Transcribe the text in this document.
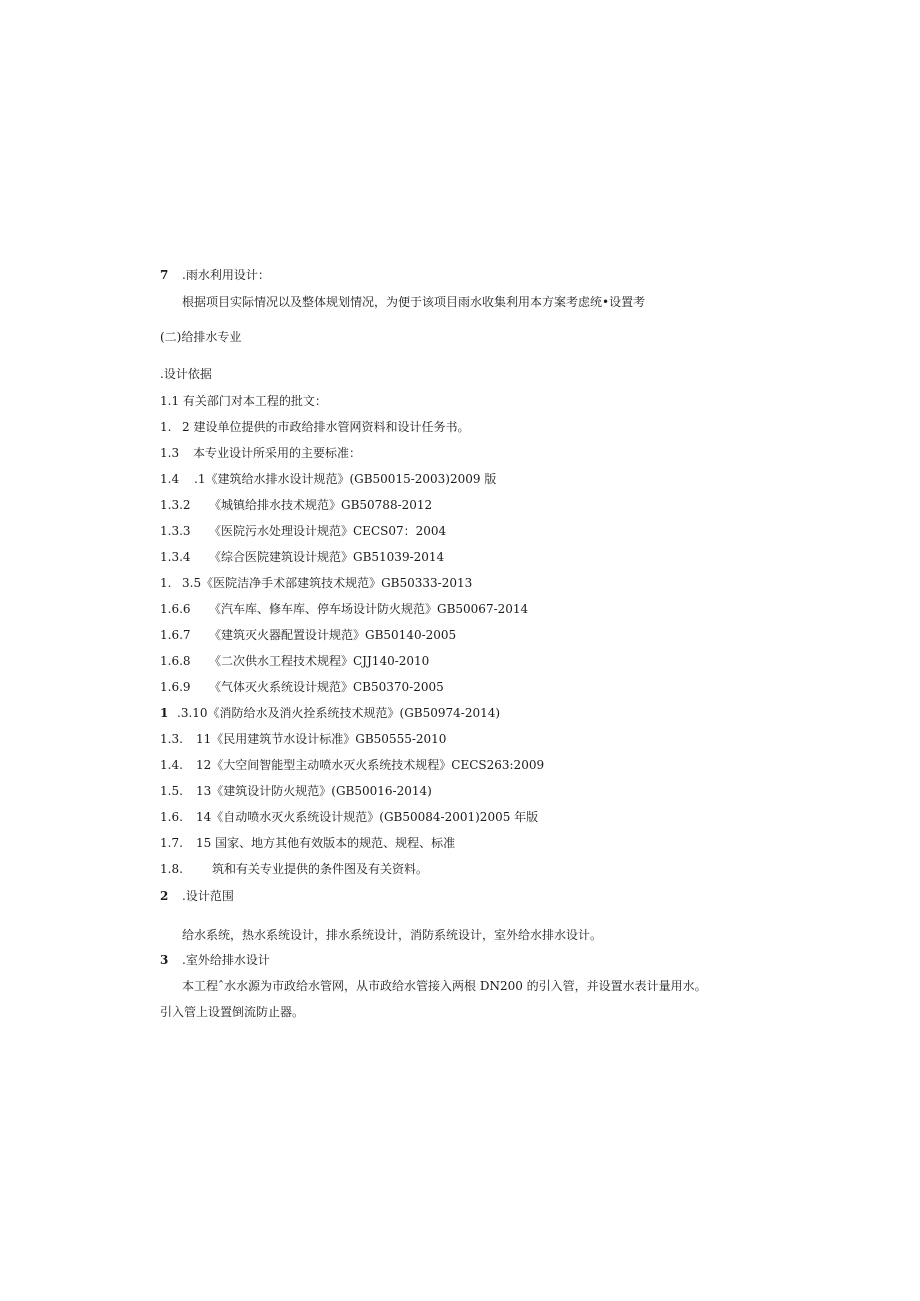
7 .雨水利用设计：
根据项目实际情况以及整体规划情况，为便于该项目雨水收集利用本方案考虑统•设置考
(二)给排水专业
.设计依据
1.1 有关部门对本工程的批文：
1. 2 建设单位提供的市政给排水管网资料和设计任务书。
1.3 本专业设计所采用的主要标准：
1.4 .1《建筑给水排水设计规范》(GB50015-2003)2009 版
1.3.2 《城镇给排水技术规范》GB50788-2012
1.3.3 《医院污水处理设计规范》CECS07：2004
1.3.4 《综合医院建筑设计规范》GB51039-2014
1. 3.5《医院洁净手术部建筑技术规范》GB50333-2013
1.6.6 《汽车库、修车库、停车场设计防火规范》GB50067-2014
1.6.7 《建筑灭火器配置设计规范》GB50140-2005
1.6.8 《二次供水工程技术规程》CJJ140-2010
1.6.9 《气体灭火系统设计规范》CB50370-2005
1 .3.10《消防给水及消火拴系统技术规范》(GB50974-2014)
1.3. 11《民用建筑节水设计标准》GB50555-2010
1.4. 12《大空间智能型主动喷水灭火系统技术规程》CECS263:2009
1.5. 13《建筑设计防火规范》(GB50016-2014)
1.6. 14《自动喷水灭火系统设计规范》(GB50084-2001)2005 年版
1.7. 15 国家、地方其他有效版本的规范、规程、标准
1.8. 筑和有关专业提供的条件图及有关资料。
2 .设计范围
给水系统，热水系统设计，排水系统设计，消防系统设计，室外给水排水设计。
3 .室外给排水设计
本工程ˆ水水源为市政给水管网，从市政给水管接入两根 DN200 的引入管，并设置水表计量用水。
引入管上设置倒流防止器。
